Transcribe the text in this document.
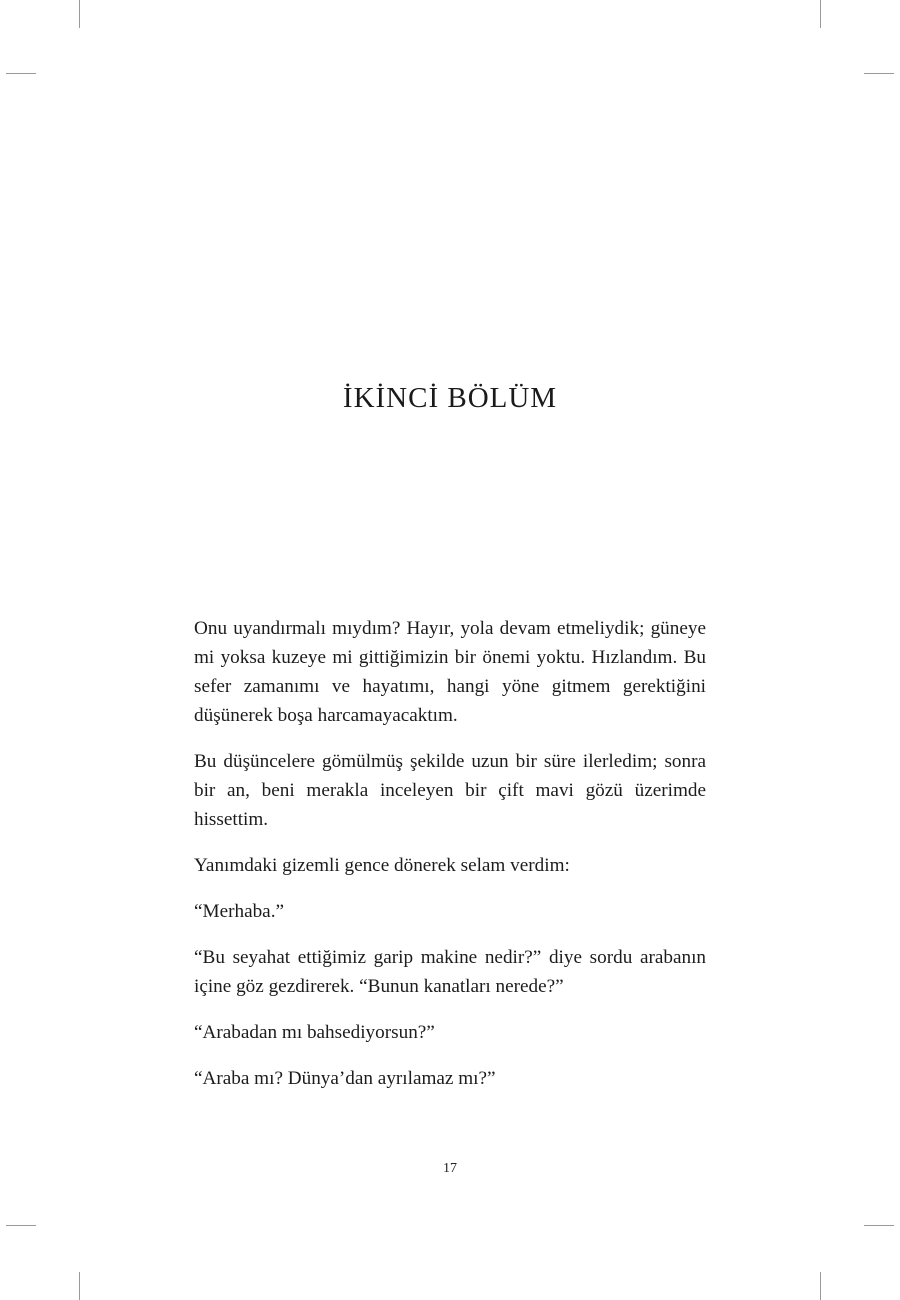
İKİNCİ BÖLÜM

Onu uyandırmalı mıydım? Hayır, yola devam etmeliydik; güneye mi yoksa kuzeye mi gittiğimizin bir önemi yoktu. Hızlandım. Bu sefer zamanımı ve hayatımı, hangi yöne gitmem gerektiğini düşünerek boşa harcamayacaktım.

Bu düşüncelere gömülmüş şekilde uzun bir süre ilerledim; sonra bir an, beni merakla inceleyen bir çift mavi gözü üzerimde hissettim.

Yanımdaki gizemli gence dönerek selam verdim:

“Merhaba.”

“Bu seyahat ettiğimiz garip makine nedir?” diye sordu arabanın içine göz gezdirerek. “Bunun kanatları nerede?”

“Arabadan mı bahsediyorsun?”

“Araba mı? Dünya’dan ayrılamaz mı?”

17
